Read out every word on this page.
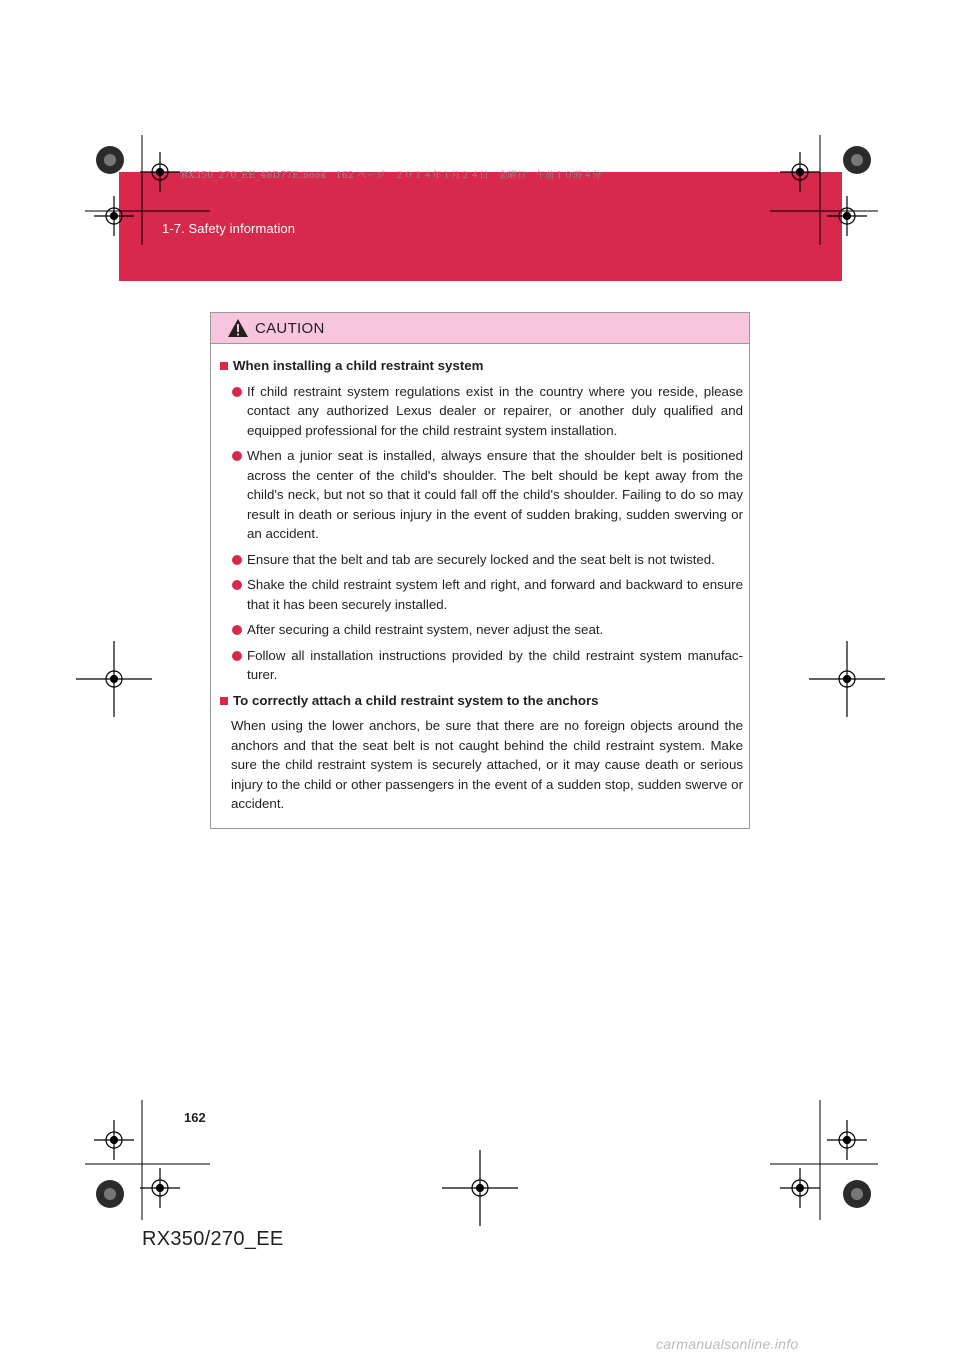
1-7. Safety information
RX350_270_EE_48D77E.book　162 ページ　２０１４年１月２４日　金曜日　午前１０時４分
CAUTION
When installing a child restraint system
If child restraint system regulations exist in the country where you reside, please contact any authorized Lexus dealer or repairer, or another duly qualified and equipped professional for the child restraint system installation.
When a junior seat is installed, always ensure that the shoulder belt is positioned across the center of the child's shoulder. The belt should be kept away from the child's neck, but not so that it could fall off the child's shoulder. Failing to do so may result in death or serious injury in the event of sudden braking, sudden swerving or an accident.
Ensure that the belt and tab are securely locked and the seat belt is not twisted.
Shake the child restraint system left and right, and forward and backward to ensure that it has been securely installed.
After securing a child restraint system, never adjust the seat.
Follow all installation instructions provided by the child restraint system manufac-turer.
To correctly attach a child restraint system to the anchors
When using the lower anchors, be sure that there are no foreign objects around the anchors and that the seat belt is not caught behind the child restraint system. Make sure the child restraint system is securely attached, or it may cause death or serious injury to the child or other passengers in the event of a sudden stop, sudden swerve or accident.
162
RX350/270_EE
carmanualsonline.info
